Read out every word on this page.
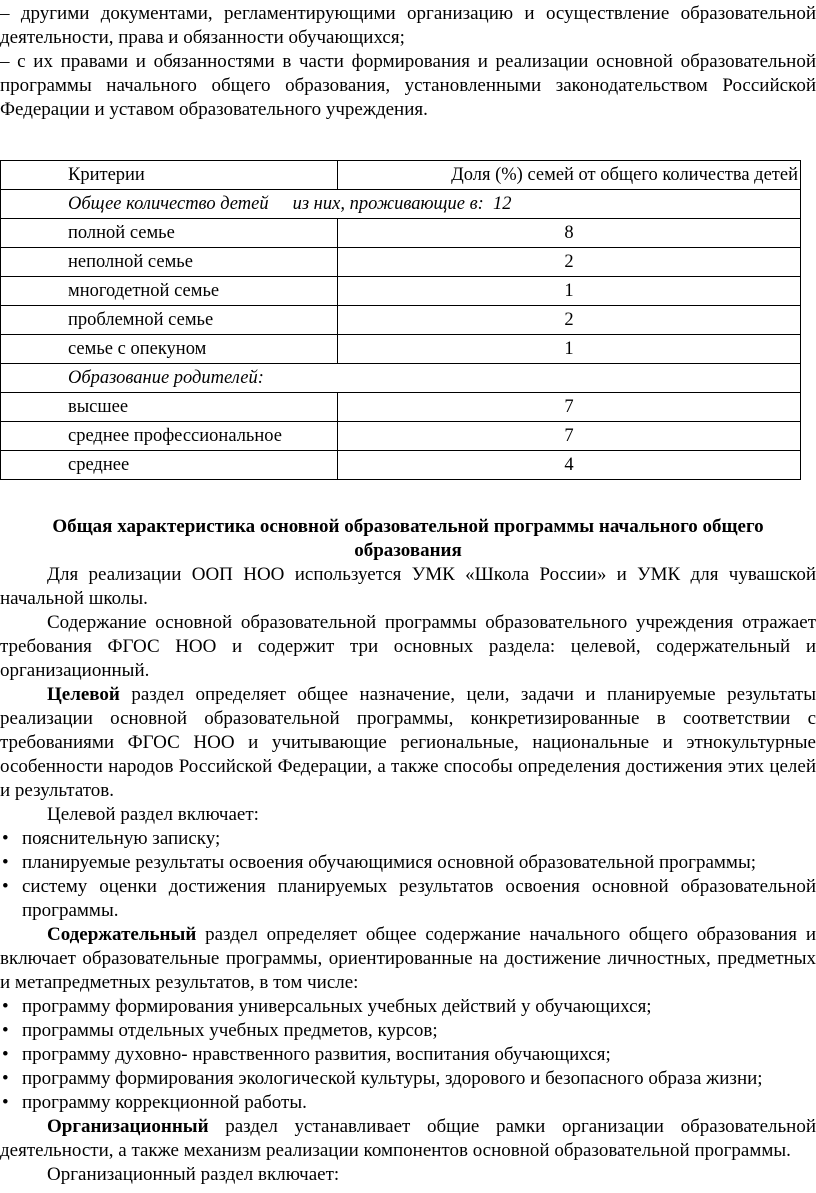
– другими документами, регламентирующими организацию и осуществление образовательной деятельности, права и обязанности обучающихся;

– с их правами и обязанностями в части формирования и реализации основной образовательной программы начального общего образования, установленными законодательством Российской Федерации и уставом образовательного учреждения.

Критерии	Доля (%) семей от общего количества детей
Общее количество детей из них, проживающие в: 12	
полной семье	8
неполной семье	2
многодетной семье	1
проблемной семье	2
семье с опекуном	1
Образование родителей:	
высшее	7
среднее профессиональное	7
среднее	4

Общая характеристика основной образовательной программы начального общего образования

Для реализации ООП НОО используется УМК «Школа России» и УМК для чувашской начальной школы.

Содержание основной образовательной программы образовательного учреждения отражает требования ФГОС НОО и содержит три основных раздела: целевой, содержательный и организационный.

Целевой раздел определяет общее назначение, цели, задачи и планируемые результаты реализации основной образовательной программы, конкретизированные в соответствии с требованиями ФГОС НОО и учитывающие региональные, национальные и этнокультурные особенности народов Российской Федерации, а также способы определения достижения этих целей и результатов.

Целевой раздел включает:

• пояснительную записку;
• планируемые результаты освоения обучающимися основной образовательной программы;
• систему оценки достижения планируемых результатов освоения основной образовательной программы.

Содержательный раздел определяет общее содержание начального общего образования и включает образовательные программы, ориентированные на достижение личностных, предметных и метапредметных результатов, в том числе:

• программу формирования универсальных учебных действий у обучающихся;
• программы отдельных учебных предметов, курсов;
• программу духовно- нравственного развития, воспитания обучающихся;
• программу формирования экологической культуры, здорового и безопасного образа жизни;
• программу коррекционной работы.

Организационный раздел устанавливает общие рамки организации образовательной деятельности, а также механизм реализации компонентов основной образовательной программы.

Организационный раздел включает:
